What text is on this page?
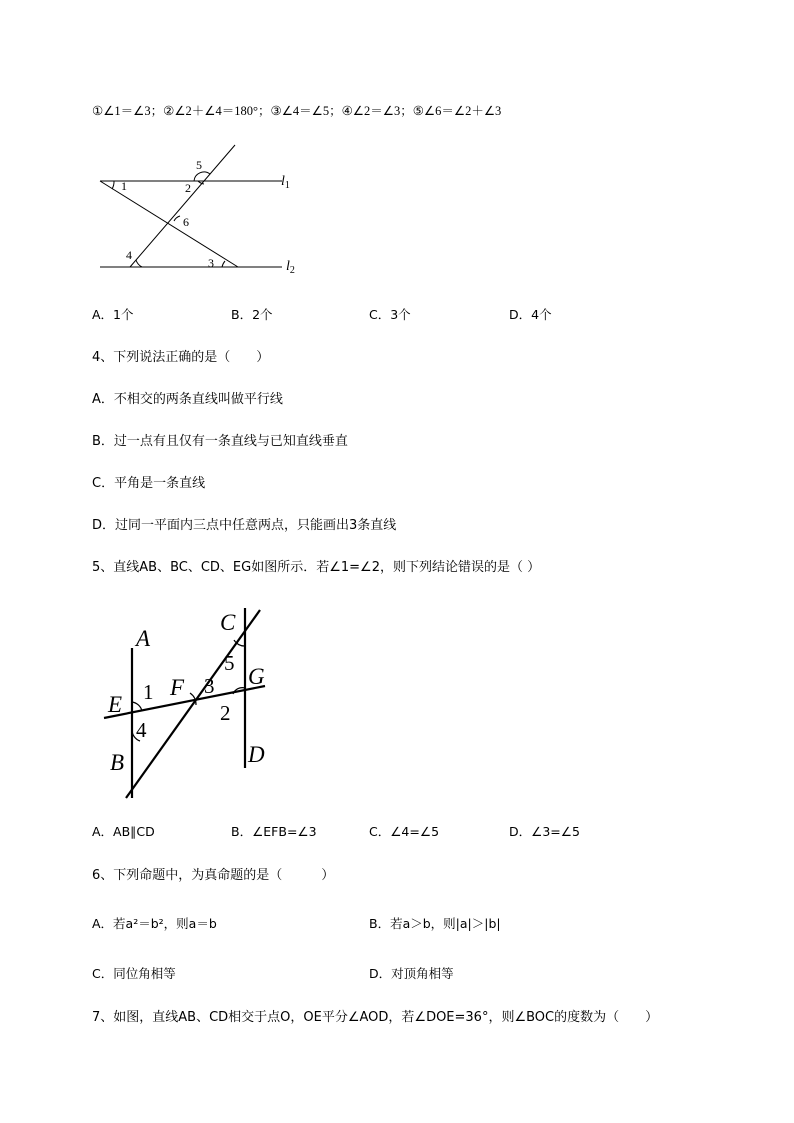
①∠1＝∠3；②∠2＋∠4＝180°；③∠4＝∠5；④∠2＝∠3；⑤∠6＝∠2＋∠3
1	2
3
4
5
6
$l_1$
$l_2$
A．1个	B．2个	C．3个	D．4个
4、下列说法正确的是（　　）
A．不相交的两条直线叫做平行线
B．过一点有且仅有一条直线与已知直线垂直
C．平角是一条直线
D．过同一平面内三点中任意两点，只能画出3条直线
5、直线AB、BC、CD、EG如图所示．若∠1=∠2，则下列结论错误的是（ ）
A
B
C
D
E
F	G
1
2
3
4
5
A．AB∥CD	B．∠EFB=∠3	C．∠4=∠5	D．∠3=∠5
6、下列命题中，为真命题的是（　　　）
A．若a²＝b²，则a＝b	B．若a＞b，则|a|＞|b|
C．同位角相等	D．对顶角相等
7、如图，直线AB、CD相交于点O，OE平分∠AOD，若∠DOE=36°，则∠BOC的度数为（　　）
